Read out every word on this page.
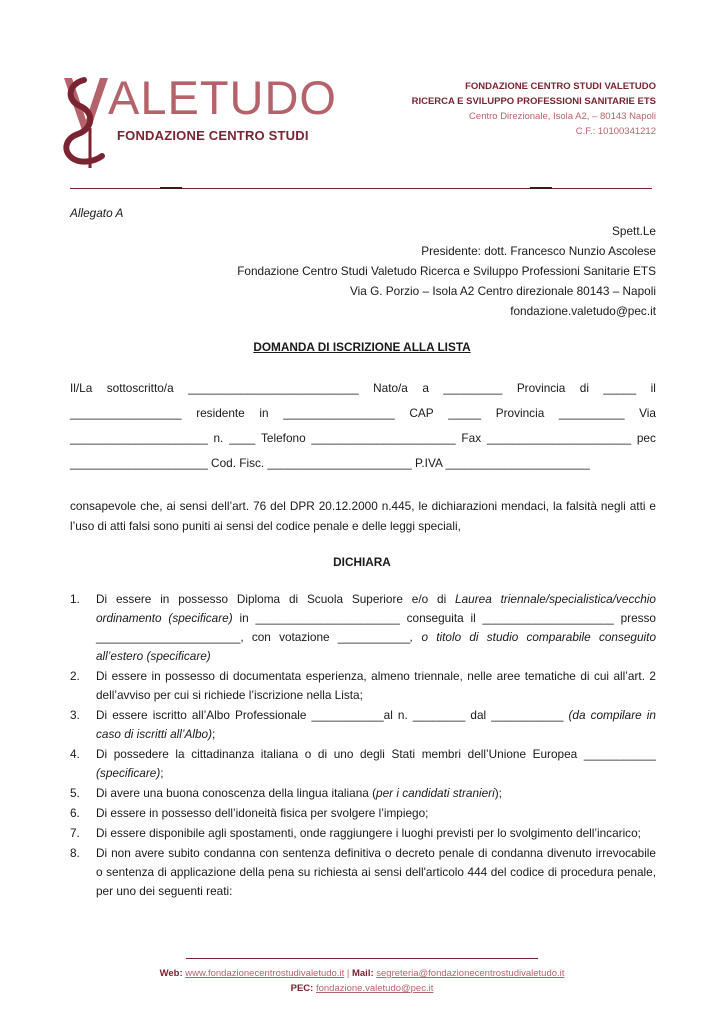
ALETUDO
FONDAZIONE CENTRO STUDI
FONDAZIONE CENTRO STUDI VALETUDO
RICERCA E SVILUPPO PROFESSIONI SANITARIE ETS
Centro Direzionale, Isola A2, – 80143 Napoli
C.F.: 10100341212
Allegato A
Spett.Le
Presidente: dott. Francesco Nunzio Ascolese
Fondazione Centro Studi Valetudo Ricerca e Sviluppo Professioni Sanitarie ETS
Via G. Porzio – Isola A2 Centro direzionale 80143 – Napoli
fondazione.valetudo@pec.it
DOMANDA DI ISCRIZIONE ALLA LISTA
Il/La sottoscritto/a __________________________ Nato/a a _________ Provincia di _____ il
_________________ residente in _________________ CAP _____ Provincia __________ Via
_____________________ n. ____ Telefono ______________________ Fax ______________________ pec
_____________________ Cod. Fisc. ______________________ P.IVA ______________________
consapevole che, ai sensi dell’art. 76 del DPR 20.12.2000 n.445, le dichiarazioni mendaci, la falsità negli atti e l’uso di atti falsi sono puniti ai sensi del codice penale e delle leggi speciali,
DICHIARA
1. Di essere in possesso Diploma di Scuola Superiore e/o di Laurea triennale/specialistica/vecchio ordinamento (specificare) in ______________________ conseguita il ____________________ presso ______________________, con votazione ___________, o titolo di studio comparabile conseguito all’estero (specificare)
2. Di essere in possesso di documentata esperienza, almeno triennale, nelle aree tematiche di cui all’art. 2 dell’avviso per cui si richiede l’iscrizione nella Lista;
3. Di essere iscritto all’Albo Professionale ___________al n. ________ dal ___________ (da compilare in caso di iscritti all’Albo);
4. Di possedere la cittadinanza italiana o di uno degli Stati membri dell’Unione Europea ___________ (specificare);
5. Di avere una buona conoscenza della lingua italiana (per i candidati stranieri);
6. Di essere in possesso dell’idoneità fisica per svolgere l’impiego;
7. Di essere disponibile agli spostamenti, onde raggiungere i luoghi previsti per lo svolgimento dell’incarico;
8. Di non avere subito condanna con sentenza definitiva o decreto penale di condanna divenuto irrevocabile o sentenza di applicazione della pena su richiesta ai sensi dell'articolo 444 del codice di procedura penale, per uno dei seguenti reati:
Web: www.fondazionecentrostudivaletudo.it | Mail: segreteria@fondazionecentrostudivaletudo.it
PEC: fondazione.valetudo@pec.it
